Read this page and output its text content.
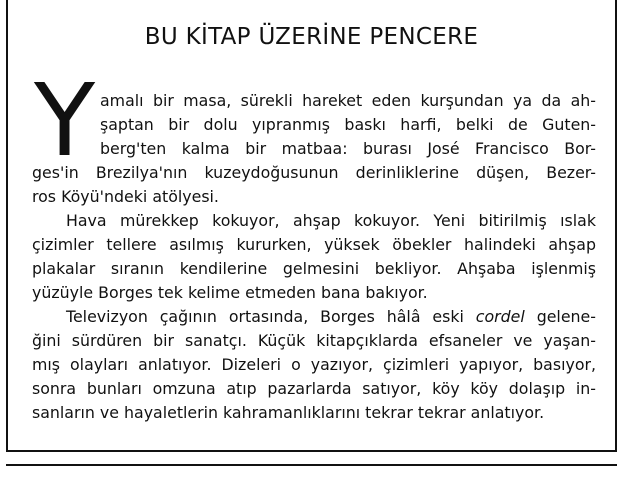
BU KİTAP ÜZERİNE PENCERE
Y amalı bir masa, sürekli hareket eden kurşundan ya da ah-
şaptan bir dolu yıpranmış baskı harfi, belki de Guten-
berg'ten kalma bir matbaa: burası José Francisco Bor-
ges'in Brezilya'nın kuzeydoğusunun derinliklerine düşen, Bezer-
ros Köyü'ndeki atölyesi.
Hava mürekkep kokuyor, ahşap kokuyor. Yeni bitirilmiş ıslak
çizimler tellere asılmış kururken, yüksek öbekler halindeki ahşap
plakalar sıranın kendilerine gelmesini bekliyor. Ahşaba işlenmiş
yüzüyle Borges tek kelime etmeden bana bakıyor.
Televizyon çağının ortasında, Borges hâlâ eski cordel gelene-
ğini sürdüren bir sanatçı. Küçük kitapçıklarda efsaneler ve yaşan-
mış olayları anlatıyor. Dizeleri o yazıyor, çizimleri yapıyor, basıyor,
sonra bunları omzuna atıp pazarlarda satıyor, köy köy dolaşıp in-
sanların ve hayaletlerin kahramanlıklarını tekrar tekrar anlatıyor.
